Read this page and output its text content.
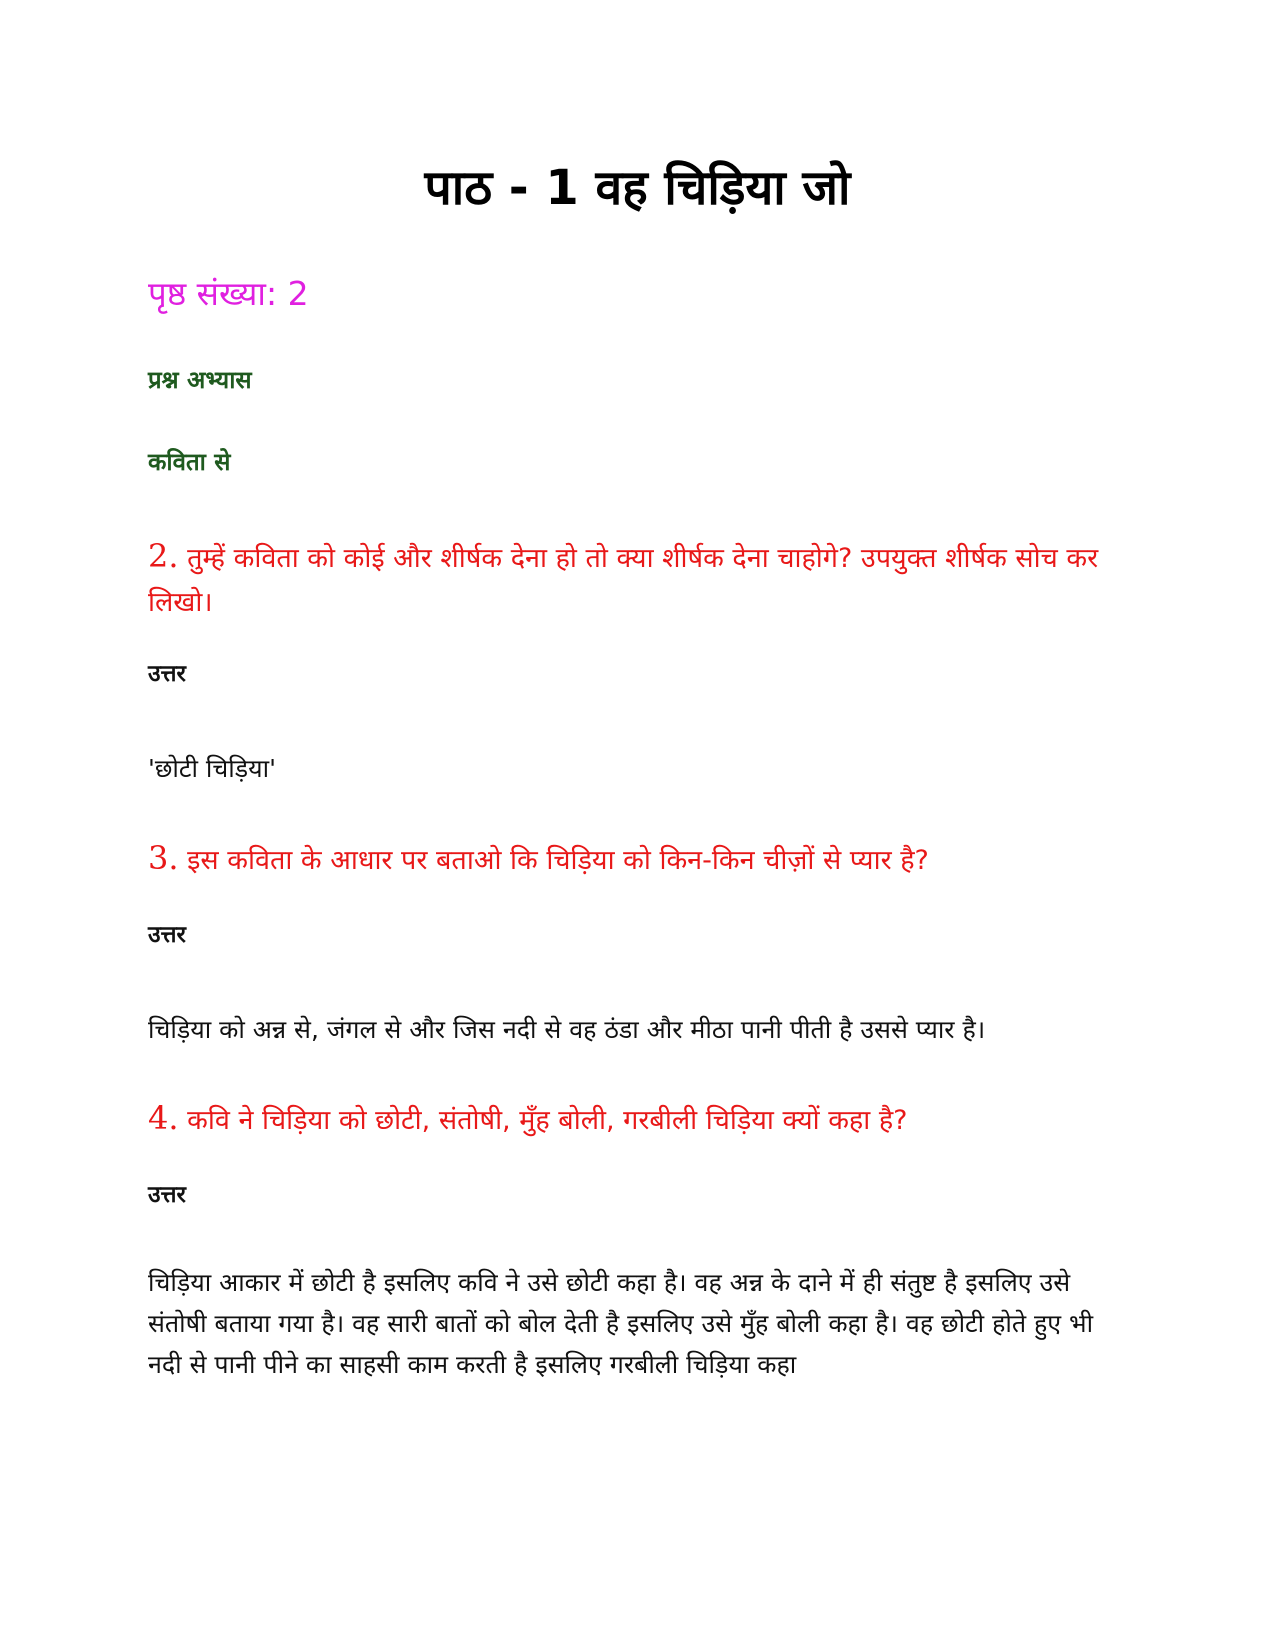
पाठ - 1 वह चिड़िया जो
पृष्ठ संख्या: 2
प्रश्न अभ्यास
कविता से
2. तुम्हें कविता को कोई और शीर्षक देना हो तो क्या शीर्षक देना चाहोगे? उपयुक्त शीर्षक सोच कर लिखो।
उत्तर
'छोटी चिड़िया'
3. इस कविता के आधार पर बताओ कि चिड़िया को किन-किन चीज़ों से प्यार है?
उत्तर
चिड़िया को अन्न से, जंगल से और जिस नदी से वह ठंडा और मीठा पानी पीती है उससे प्यार है।
4. कवि ने चिड़िया को छोटी, संतोषी, मुँह बोली, गरबीली चिड़िया क्यों कहा है?
उत्तर
चिड़िया आकार में छोटी है इसलिए कवि ने उसे छोटी कहा है। वह अन्न के दाने में ही संतुष्ट है इसलिए उसे संतोषी बताया गया है। वह सारी बातों को बोल देती है इसलिए उसे मुँह बोली कहा है। वह छोटी होते हुए भी नदी से पानी पीने का साहसी काम करती है इसलिए गरबीली चिड़िया कहा
